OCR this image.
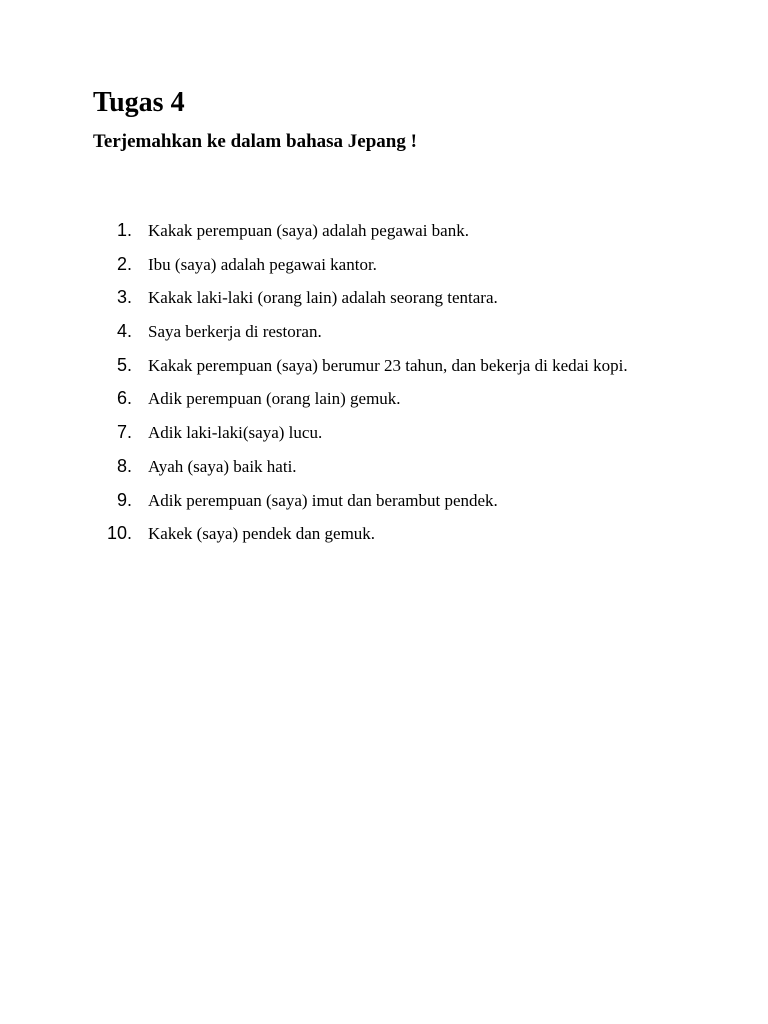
Tugas 4
Terjemahkan ke dalam bahasa Jepang !
1. Kakak perempuan (saya) adalah pegawai bank.
2. Ibu (saya) adalah pegawai kantor.
3. Kakak laki-laki (orang lain) adalah seorang tentara.
4. Saya berkerja di restoran.
5. Kakak perempuan (saya) berumur 23 tahun, dan bekerja di kedai kopi.
6. Adik perempuan (orang lain) gemuk.
7. Adik laki-laki(saya) lucu.
8. Ayah (saya) baik hati.
9. Adik perempuan (saya) imut dan berambut pendek.
10. Kakek (saya) pendek dan gemuk.
